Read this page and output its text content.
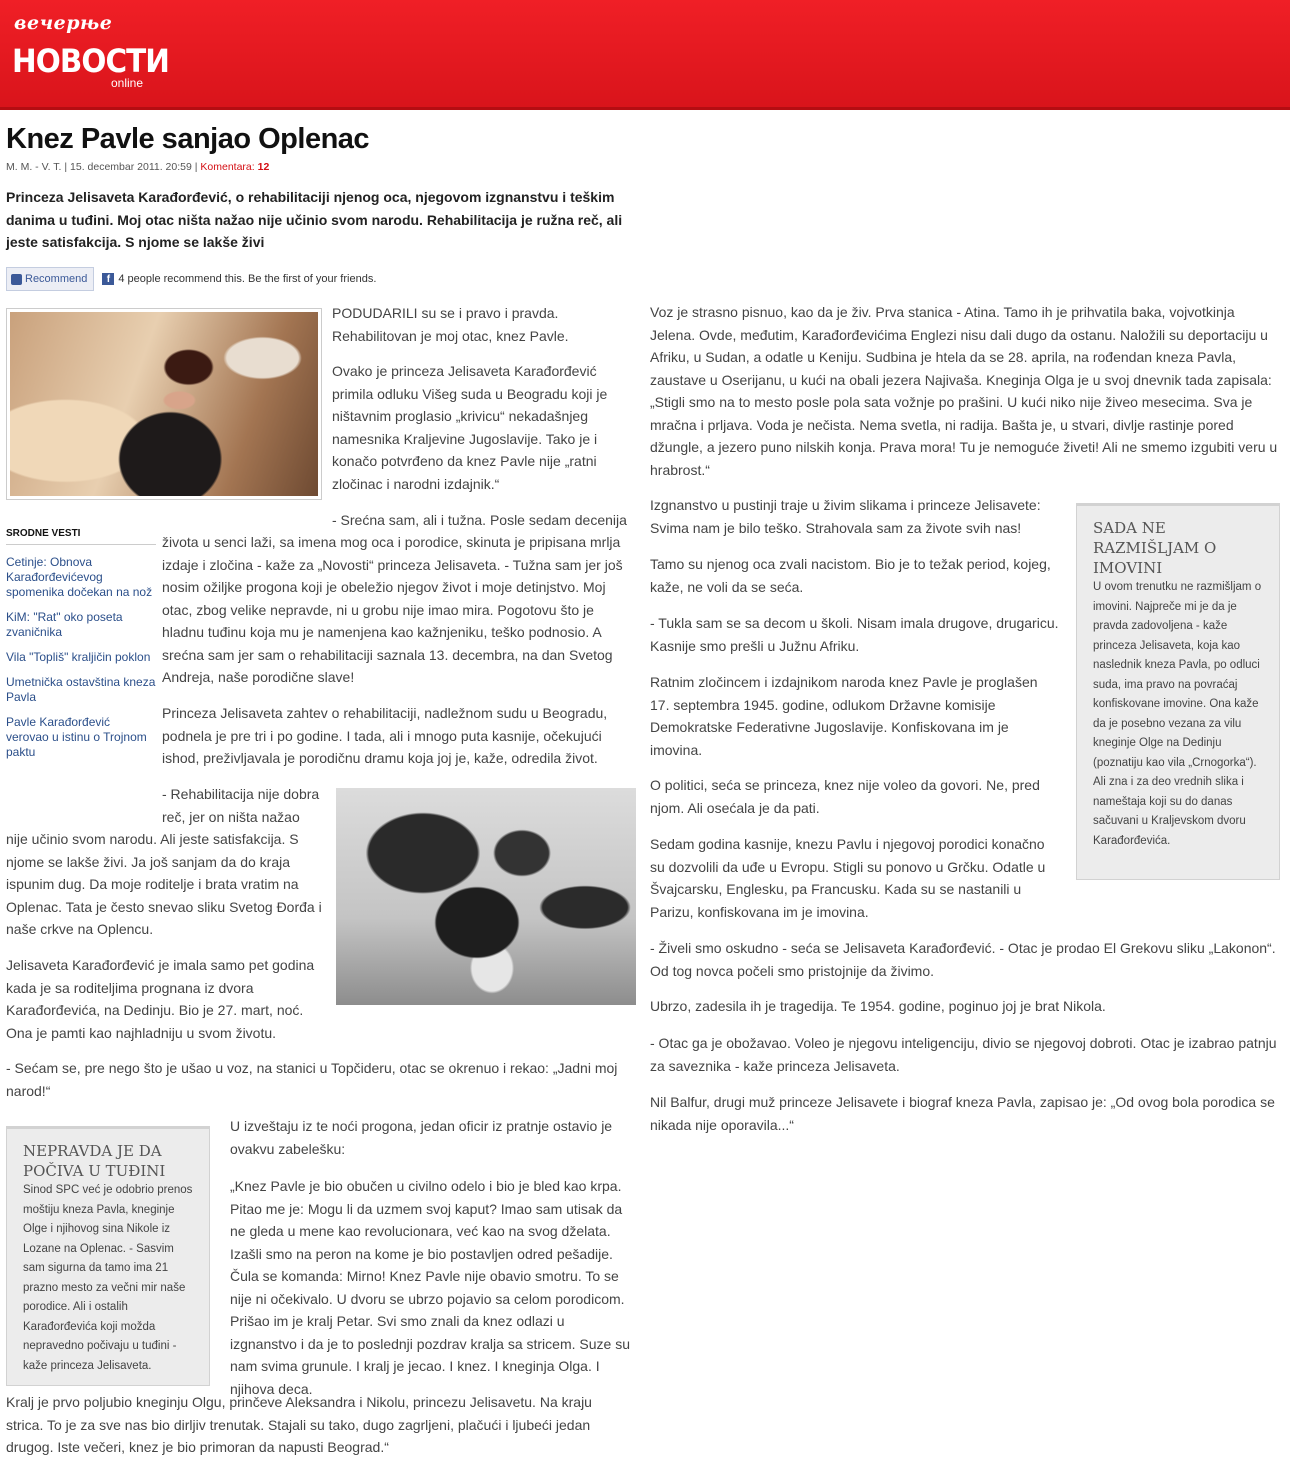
вечерње
НОВОСТИ
online
Knez Pavle sanjao Oplenac
M. M. - V. T. | 15. decembar 2011. 20:59 | Komentara: 12

Princeza Jelisaveta Karađorđević, o rehabilitaciji njenog oca, njegovom izgnanstvu i teškim danima u tuđini. Moj otac ništa nažao nije učinio svom narodu. Rehabilitacija je ružna reč, ali jeste satisfakcija. S njome se lakše živi

Recommend	f 4 people recommend this. Be the first of your friends.
SRODNE VESTI
Cetinje: Obnova Karađorđevićevog spomenika dočekan na nož
KiM: "Rat" oko poseta zvaničnika
Vila "Topliš" kraljičin poklon
Umetnička ostavština kneza Pavla
Pavle Karađorđević verovao u istinu o Trojnom paktu

PODUDARILI su se i pravo i pravda. Rehabilitovan je moj otac, knez Pavle.

Ovako je princeza Jelisaveta Karađorđević primila odluku Višeg suda u Beogradu koji je ništavnim proglasio „krivicu“ nekadašnjeg namesnika Kraljevine Jugoslavije. Tako je i konačo potvrđeno da knez Pavle nije „ratni zločinac i narodni izdajnik.“

- Srećna sam, ali i tužna. Posle sedam decenija

života u senci laži, sa imena mog oca i porodice, skinuta je pripisana mrlja izdaje i zločina - kaže za „Novosti“ princeza Jelisaveta. - Tužna sam jer još nosim ožiljke progona koji je obeležio njegov život i moje detinjstvo. Moj otac, zbog velike nepravde, ni u grobu nije imao mira. Pogotovu što je hladnu tuđinu koja mu je namenjena kao kažnjeniku, teško podnosio. A srećna sam jer sam o rehabilitaciji saznala 13. decembra, na dan Svetog Andreja, naše porodične slave!

Princeza Jelisaveta zahtev o rehabilitaciji, nadležnom sudu u Beogradu, podnela je pre tri i po godine. I tada, ali i mnogo puta kasnije, očekujući ishod, preživljavala je porodičnu dramu koja joj je, kaže, odredila život.

- Rehabilitacija nije dobra reč, jer on ništa nažao

nije učinio svom narodu. Ali jeste satisfakcija. S njome se lakše živi. Ja još sanjam da do kraja ispunim dug. Da moje roditelje i brata vratim na Oplenac. Tata je često snevao sliku Svetog Đorđa i naše crkve na Oplencu.

Jelisaveta Karađorđević je imala samo pet godina kada je sa roditeljima prognana iz dvora Karađorđevića, na Dedinju. Bio je 27. mart, noć. Ona je pamti kao najhladniju u svom životu.

- Sećam se, pre nego što je ušao u voz, na stanici u Topčideru, otac se okrenuo i rekao: „Jadni moj narod!“

NEPRAVDA JE DA POČIVA U TUĐINI
Sinod SPC već je odobrio prenos moštiju kneza Pavla, kneginje Olge i njihovog sina Nikole iz Lozane na Oplenac. - Sasvim sam sigurna da tamo ima 21 prazno mesto za večni mir naše porodice. Ali i ostalih Karađorđevića koji možda nepravedno počivaju u tuđini - kaže princeza Jelisaveta.

U izveštaju iz te noći progona, jedan oficir iz pratnje ostavio je ovakvu zabelešku:

„Knez Pavle je bio obučen u civilno odelo i bio je bled kao krpa. Pitao me je: Mogu li da uzmem svoj kaput? Imao sam utisak da ne gleda u mene kao revolucionara, već kao na svog dželata. Izašli smo na peron na kome je bio postavljen odred pešadije. Čula se komanda: Mirno! Knez Pavle nije obavio smotru. To se nije ni očekivalo. U dvoru se ubrzo pojavio sa celom porodicom. Prišao im je kralj Petar. Svi smo znali da knez odlazi u izgnanstvo i da je to poslednji pozdrav kralja sa stricem. Suze su nam svima grunule. I kralj je jecao. I knez. I kneginja Olga. I njihova deca.

Kralj je prvo poljubio kneginju Olgu, prinčeve Aleksandra i Nikolu, princezu Jelisavetu. Na kraju strica. To je za sve nas bio dirljiv trenutak. Stajali su tako, dugo zagrljeni, plačući i ljubeći jedan drugog. Iste večeri, knez je bio primoran da napusti Beograd.“

Voz je strasno pisnuo, kao da je živ. Prva stanica - Atina. Tamo ih je prihvatila baka, vojvotkinja Jelena. Ovde, međutim, Karađorđevićima Englezi nisu dali dugo da ostanu. Naložili su deportaciju u Afriku, u Sudan, a odatle u Keniju. Sudbina je htela da se 28. aprila, na rođendan kneza Pavla, zaustave u Oserijanu, u kući na obali jezera Najivaša. Kneginja Olga je u svoj dnevnik tada zapisala: „Stigli smo na to mesto posle pola sata vožnje po prašini. U kući niko nije živeo mesecima. Sva je mračna i prljava. Voda je nečista. Nema svetla, ni radija. Bašta je, u stvari, divlje rastinje pored džungle, a jezero puno nilskih konja. Prava mora! Tu je nemoguće živeti! Ali ne smemo izgubiti veru u hrabrost.“

Izgnanstvo u pustinji traje u živim slikama i princeze Jelisavete: Svima nam je bilo teško. Strahovala sam za živote svih nas!

Tamo su njenog oca zvali nacistom. Bio je to težak period, kojeg, kaže, ne voli da se seća.

- Tukla sam se sa decom u školi. Nisam imala drugove, drugaricu. Kasnije smo prešli u Južnu Afriku.

Ratnim zločincem i izdajnikom naroda knez Pavle je proglašen 17. septembra 1945. godine, odlukom Državne komisije Demokratske Federativne Jugoslavije. Konfiskovana im je imovina.

O politici, seća se princeza, knez nije voleo da govori. Ne, pred njom. Ali osećala je da pati.

Sedam godina kasnije, knezu Pavlu i njegovoj porodici konačno su dozvolili da uđe u Evropu. Stigli su ponovo u Grčku. Odatle u Švajcarsku, Englesku, pa Francusku. Kada su se nastanili u Parizu, konfiskovana im je imovina.

- Živeli smo oskudno - seća se Jelisaveta Karađorđević. - Otac je prodao El Grekovu sliku „Lakonon“. Od tog novca počeli smo pristojnije da živimo.

Ubrzo, zadesila ih je tragedija. Te 1954. godine, poginuo joj je brat Nikola.

- Otac ga je obožavao. Voleo je njegovu inteligenciju, divio se njegovoj dobroti. Otac je izabrao patnju za saveznika - kaže princeza Jelisaveta.

Nil Balfur, drugi muž princeze Jelisavete i biograf kneza Pavla, zapisao je: „Od ovog bola porodica se nikada nije oporavila...“

SADA NE RAZMIŠLJAM O IMOVINI
U ovom trenutku ne razmišljam o imovini. Najpreče mi je da je pravda zadovoljena - kaže princeza Jelisaveta, koja kao naslednik kneza Pavla, po odluci suda, ima pravo na povraćaj konfiskovane imovine. Ona kaže da je posebno vezana za vilu kneginje Olge na Dedinju (poznatiju kao vila „Crnogorka“). Ali zna i za deo vrednih slika i nameštaja koji su do danas sačuvani u Kraljevskom dvoru Karađorđevića.
